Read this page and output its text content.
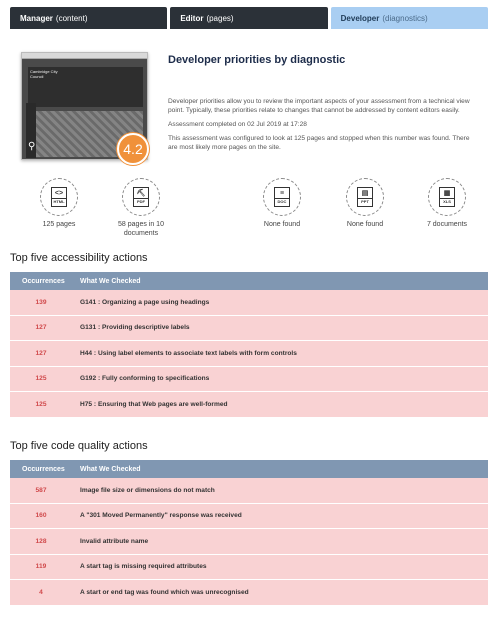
Manager (content)	Editor (pages)	Developer (diagnostics)
Cambridge City Council
⚲	4.2
Developer priorities by diagnostic
Developer priorities allow you to review the important aspects of your assessment from a technical view point. Typically, these priorities relate to changes that cannot be addressed by content editors easily.
Assessment completed on 02 Jul 2019 at 17:28
This assessment was configured to look at 125 pages and stopped when this number was found. There are most likely more pages on the site.
<>
HTML
125 pages
⛏
PDF
58 pages in 10 documents
≡
DOC
None found
▤
PPT
None found
▦
XLS
7 documents
Top five accessibility actions
Occurrences	What We Checked
139	G141 : Organizing a page using headings
127	G131 : Providing descriptive labels
127	H44 : Using label elements to associate text labels with form controls
125	G192 : Fully conforming to specifications
125	H75 : Ensuring that Web pages are well-formed
Top five code quality actions
Occurrences	What We Checked
587	Image file size or dimensions do not match
160	A "301 Moved Permanently" response was received
128	Invalid attribute name
119	A start tag is missing required attributes
4	A start or end tag was found which was unrecognised
